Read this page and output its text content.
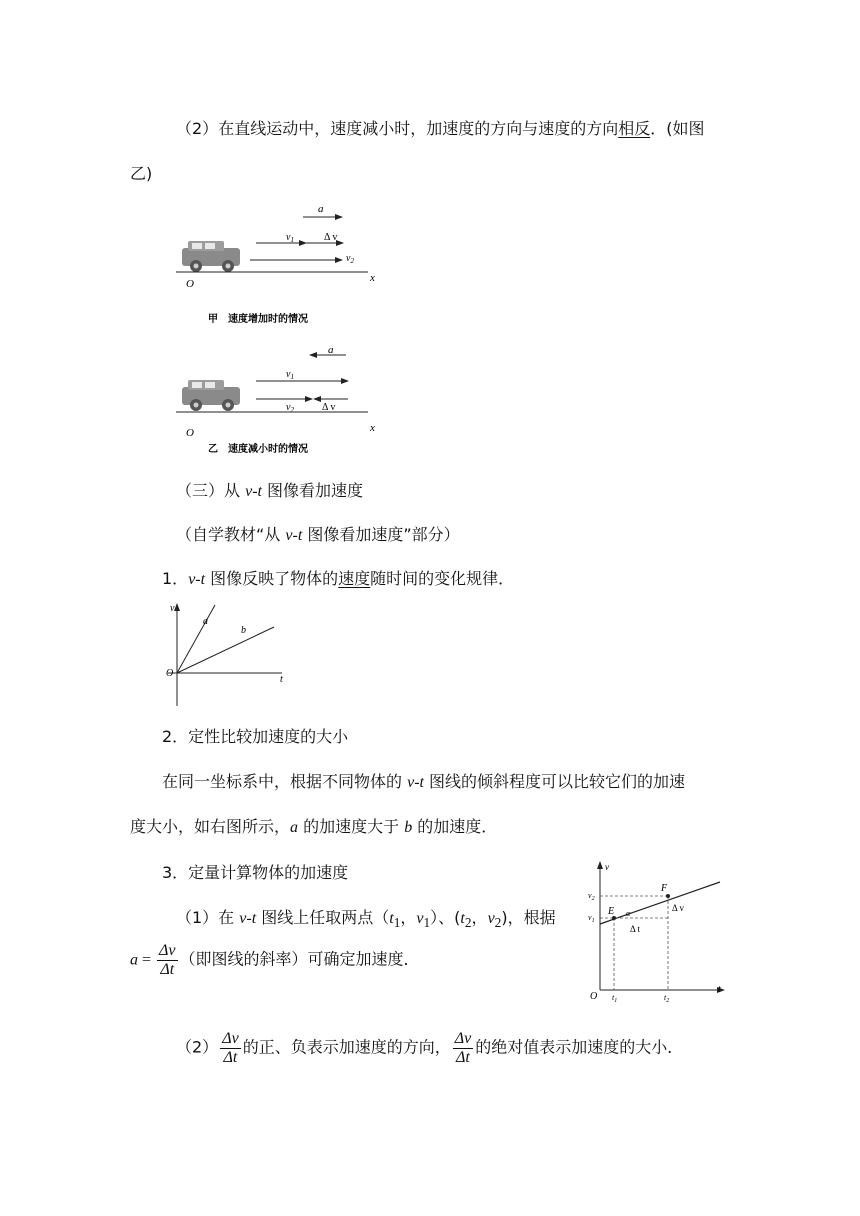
（2）在直线运动中，速度减小时，加速度的方向与速度的方向相反．(如图
乙)
a
$v_1$	Δ v
$v_2$
O	x
甲　速度增加时的情况
a
$v_1$
$v_2$	Δ v
O	x
乙　速度减小时的情况
（三）从 v-t 图像看加速度
（自学教材“从 v-t 图像看加速度”部分）
1．v-t 图像反映了物体的速度随时间的变化规律．
v
t
O
a
b
2．定性比较加速度的大小
在同一坐标系中，根据不同物体的 v-t 图线的倾斜程度可以比较它们的加速
度大小，如右图所示，a 的加速度大于 b 的加速度．
3．定量计算物体的加速度
（1）在 v-t 图线上任取两点（$t_1$，$v_1$）、($t_2$，$v_2$)，根据
$a = \frac{\Delta v}{\Delta t}$ （即图线的斜率）可确定加速度．
v
t
O
$v_2$
$v_1$
$t_1$	$t_2$
E
F
α
Δ v
Δ t
$(2) \frac{\Delta v}{\Delta t}$ 的正、负表示加速度的方向， $\frac{\Delta v}{\Delta t}$ 的绝对值表示加速度的大小．
